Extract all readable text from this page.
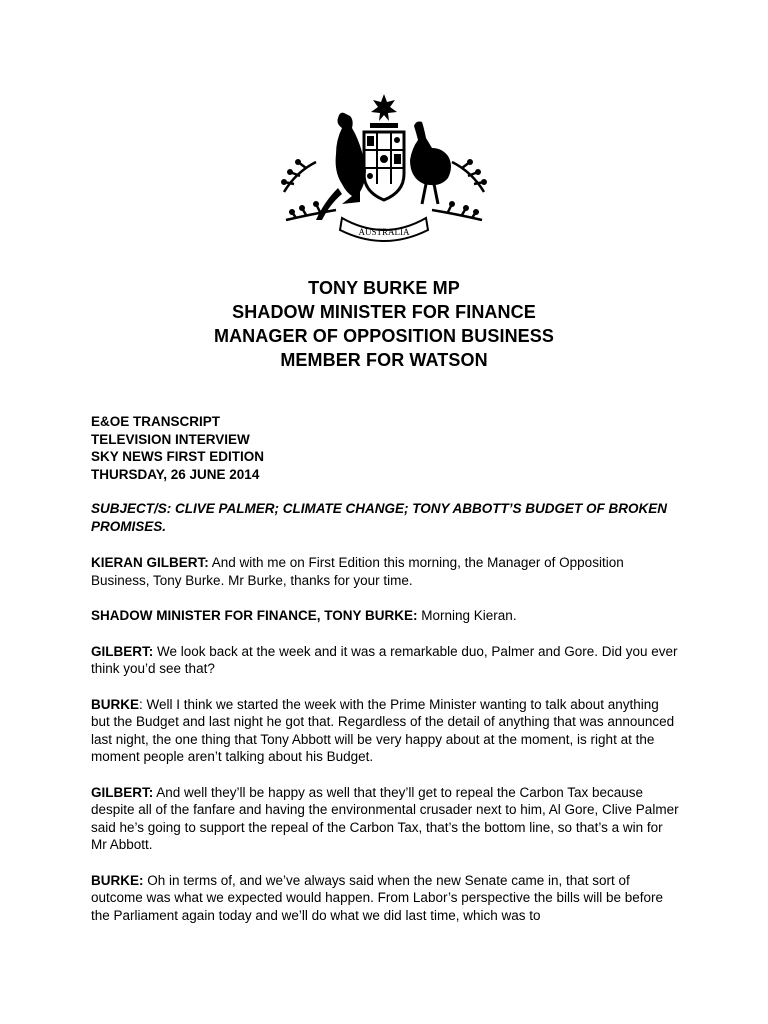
AUSTRALIA
TONY BURKE MP
SHADOW MINISTER FOR FINANCE
MANAGER OF OPPOSITION BUSINESS
MEMBER FOR WATSON
E&OE TRANSCRIPT
TELEVISION INTERVIEW
SKY NEWS FIRST EDITION
THURSDAY, 26 JUNE 2014
SUBJECT/S: CLIVE PALMER; CLIMATE CHANGE; TONY ABBOTT’S BUDGET OF BROKEN PROMISES.
KIERAN GILBERT: And with me on First Edition this morning, the Manager of Opposition Business, Tony Burke. Mr Burke, thanks for your time.
SHADOW MINISTER FOR FINANCE, TONY BURKE: Morning Kieran.
GILBERT: We look back at the week and it was a remarkable duo, Palmer and Gore. Did you ever think you’d see that?
BURKE: Well I think we started the week with the Prime Minister wanting to talk about anything but the Budget and last night he got that. Regardless of the detail of anything that was announced last night, the one thing that Tony Abbott will be very happy about at the moment, is right at the moment people aren’t talking about his Budget.
GILBERT: And well they’ll be happy as well that they’ll get to repeal the Carbon Tax because despite all of the fanfare and having the environmental crusader next to him, Al Gore, Clive Palmer said he’s going to support the repeal of the Carbon Tax, that’s the bottom line, so that’s a win for Mr Abbott.
BURKE: Oh in terms of, and we’ve always said when the new Senate came in, that sort of outcome was what we expected would happen. From Labor’s perspective the bills will be before the Parliament again today and we’ll do what we did last time, which was to
